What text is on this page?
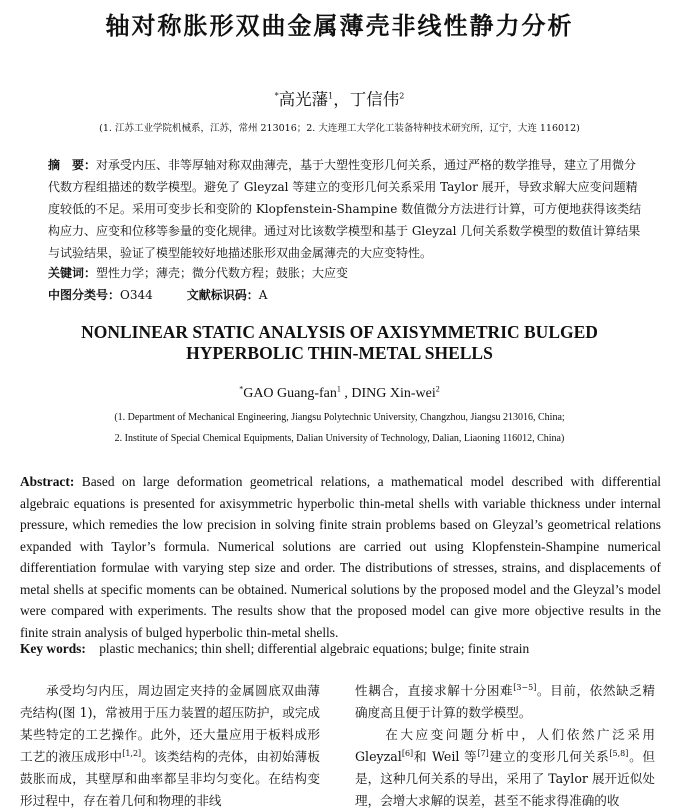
轴对称胀形双曲金属薄壳非线性静力分析
*高光藩$^1$，丁信伟$^2$
(1. 江苏工业学院机械系，江苏，常州 213016；2. 大连理工大学化工装备特种技术研究所，辽宁，大连 116012)
摘　要：对承受内压、非等厚轴对称双曲薄壳，基于大塑性变形几何关系，通过严格的数学推导，建立了用微分代数方程组描述的数学模型。避免了 Gleyzal 等建立的变形几何关系采用 Taylor 展开，导致求解大应变问题精度较低的不足。采用可变步长和变阶的 Klopfenstein-Shampine 数值微分方法进行计算，可方便地获得该类结构应力、应变和位移等参量的变化规律。通过对比该数学模型和基于 Gleyzal 几何关系数学模型的数值计算结果与试验结果，验证了模型能较好地描述胀形双曲金属薄壳的大应变特性。
关键词：塑性力学；薄壳；微分代数方程；鼓胀；大应变
中图分类号：O344	文献标识码：A
NONLINEAR STATIC ANALYSIS OF AXISYMMETRIC BULGED
HYPERBOLIC THIN-METAL SHELLS
*GAO Guang-fan$^1$ , DING Xin-wei$^2$
(1. Department of Mechanical Engineering, Jiangsu Polytechnic University, Changzhou, Jiangsu 213016, China;
2. Institute of Special Chemical Equipments, Dalian University of Technology, Dalian, Liaoning 116012, China)
Abstract: Based on large deformation geometrical relations, a mathematical model described with differential algebraic equations is presented for axisymmetric hyperbolic thin-metal shells with variable thickness under internal pressure, which remedies the low precision in solving finite strain problems based on Gleyzal’s geometrical relations expanded with Taylor’s formula. Numerical solutions are carried out using Klopfenstein-Shampine numerical differentiation formulae with varying step size and order. The distributions of stresses, strains, and displacements of metal shells at specific moments can be obtained. Numerical solutions by the proposed model and the Gleyzal’s model were compared with experiments. The results show that the proposed model can give more objective results in the finite strain analysis of bulged hyperbolic thin-metal shells.
Key words:    plastic mechanics; thin shell; differential algebraic equations; bulge; finite strain

　　承受均匀内压，周边固定夹持的金属圆底双曲薄壳结构(图 1)，常被用于压力装置的超压防护，或完成某些特定的工艺操作。此外，还大量应用于板料成形工艺的液压成形中[1,2]。该类结构的壳体，由初始薄板鼓胀而成，其壁厚和曲率都呈非均匀变化。在结构变形过程中，存在着几何和物理的非线

性耦合，直接求解十分困难[3−5]。目前，依然缺乏精确度高且便于计算的数学模型。

　　在大应变问题分析中，人们依然广泛采用 Gleyzal[6]和 Weil 等[7]建立的变形几何关系[5,8]。但是，这种几何关系的导出，采用了 Taylor 展开近似处理，会增大求解的误差，甚至不能求得准确的收
